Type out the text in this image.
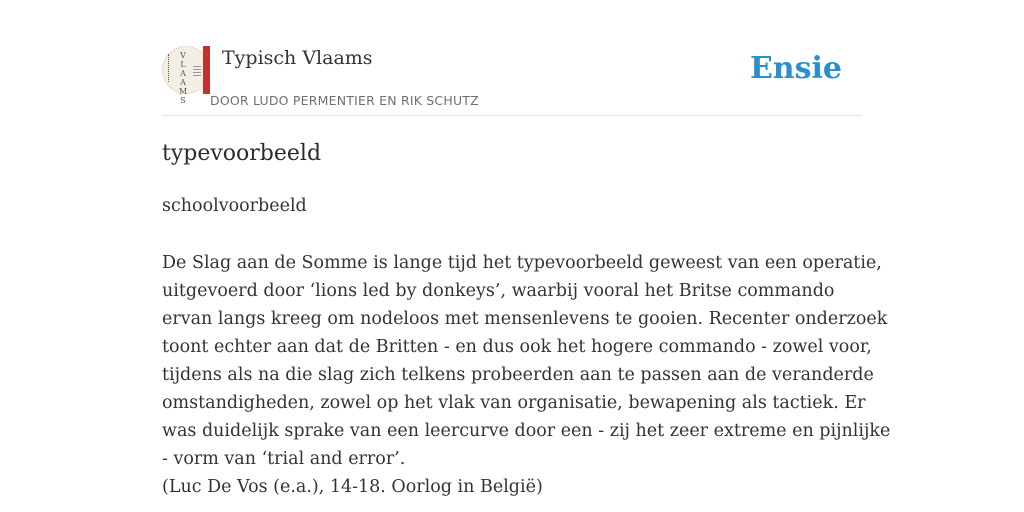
V
L
A
A
M
S
Typisch Vlaams
DOOR LUDO PERMENTIER EN RIK SCHUTZ
Ensie
typevoorbeeld
schoolvoorbeeld
De Slag aan de Somme is lange tijd het typevoorbeeld geweest van een operatie,
uitgevoerd door ‘lions led by donkeys’, waarbij vooral het Britse commando
ervan langs kreeg om nodeloos met mensenlevens te gooien. Recenter onderzoek
toont echter aan dat de Britten - en dus ook het hogere commando - zowel voor,
tijdens als na die slag zich telkens probeerden aan te passen aan de veranderde
omstandigheden, zowel op het vlak van organisatie, bewapening als tactiek. Er
was duidelijk sprake van een leercurve door een - zij het zeer extreme en pijnlijke
- vorm van ‘trial and error’.
(Luc De Vos (e.a.), 14-18. Oorlog in België)
